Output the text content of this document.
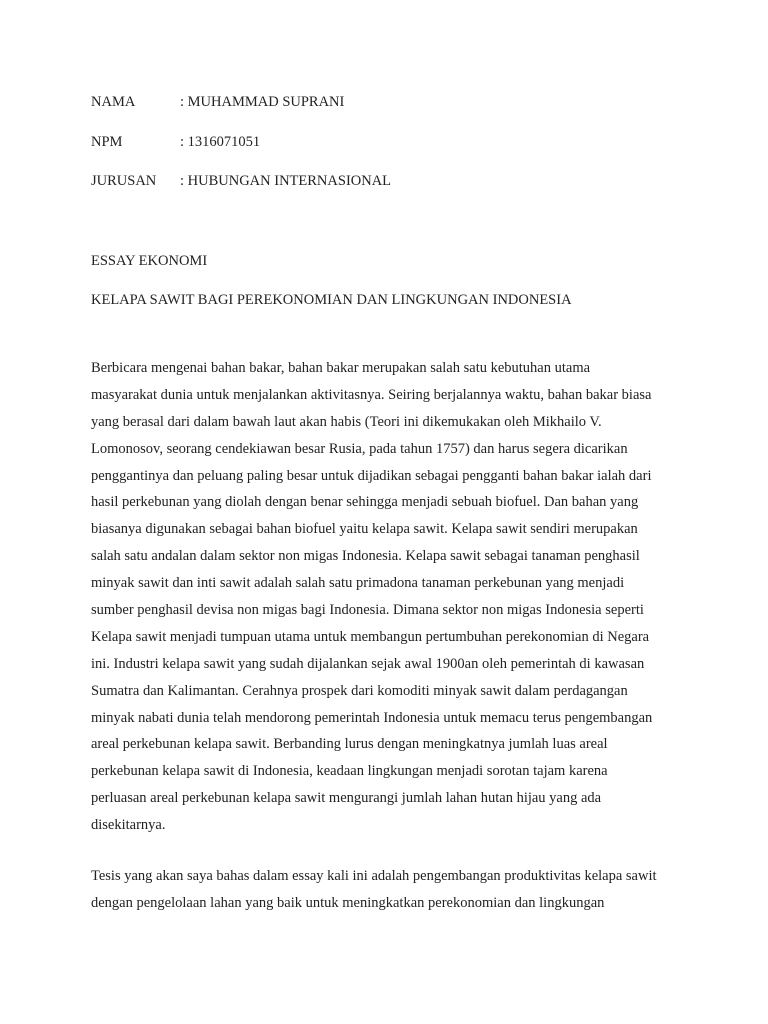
NAMA	: MUHAMMAD SUPRANI
NPM	: 1316071051
JURUSAN : HUBUNGAN INTERNASIONAL
ESSAY EKONOMI
KELAPA SAWIT BAGI PEREKONOMIAN DAN LINGKUNGAN INDONESIA
Berbicara mengenai bahan bakar, bahan bakar merupakan salah satu kebutuhan utama
masyarakat dunia untuk menjalankan aktivitasnya. Seiring berjalannya waktu, bahan bakar biasa
yang berasal dari dalam bawah laut akan habis (Teori ini dikemukakan oleh Mikhailo V.
Lomonosov, seorang cendekiawan besar Rusia, pada tahun 1757) dan harus segera dicarikan
penggantinya dan peluang paling besar untuk dijadikan sebagai pengganti bahan bakar ialah dari
hasil perkebunan yang diolah dengan benar sehingga menjadi sebuah biofuel. Dan bahan yang
biasanya digunakan sebagai bahan biofuel yaitu kelapa sawit. Kelapa sawit sendiri merupakan
salah satu andalan dalam sektor non migas Indonesia. Kelapa sawit sebagai tanaman penghasil
minyak sawit dan inti sawit adalah salah satu primadona tanaman perkebunan yang menjadi
sumber penghasil devisa non migas bagi Indonesia. Dimana sektor non migas Indonesia seperti
Kelapa sawit menjadi tumpuan utama untuk membangun pertumbuhan perekonomian di Negara
ini. Industri kelapa sawit yang sudah dijalankan sejak awal 1900an oleh pemerintah di kawasan
Sumatra dan Kalimantan. Cerahnya prospek dari komoditi minyak sawit dalam perdagangan
minyak nabati dunia telah mendorong pemerintah Indonesia untuk memacu terus pengembangan
areal perkebunan kelapa sawit. Berbanding lurus dengan meningkatnya jumlah luas areal
perkebunan kelapa sawit di Indonesia, keadaan lingkungan menjadi sorotan tajam karena
perluasan areal perkebunan kelapa sawit mengurangi jumlah lahan hutan hijau yang ada
disekitarnya.
Tesis yang akan saya bahas dalam essay kali ini adalah pengembangan produktivitas kelapa sawit
dengan pengelolaan lahan yang baik untuk meningkatkan perekonomian dan lingkungan
